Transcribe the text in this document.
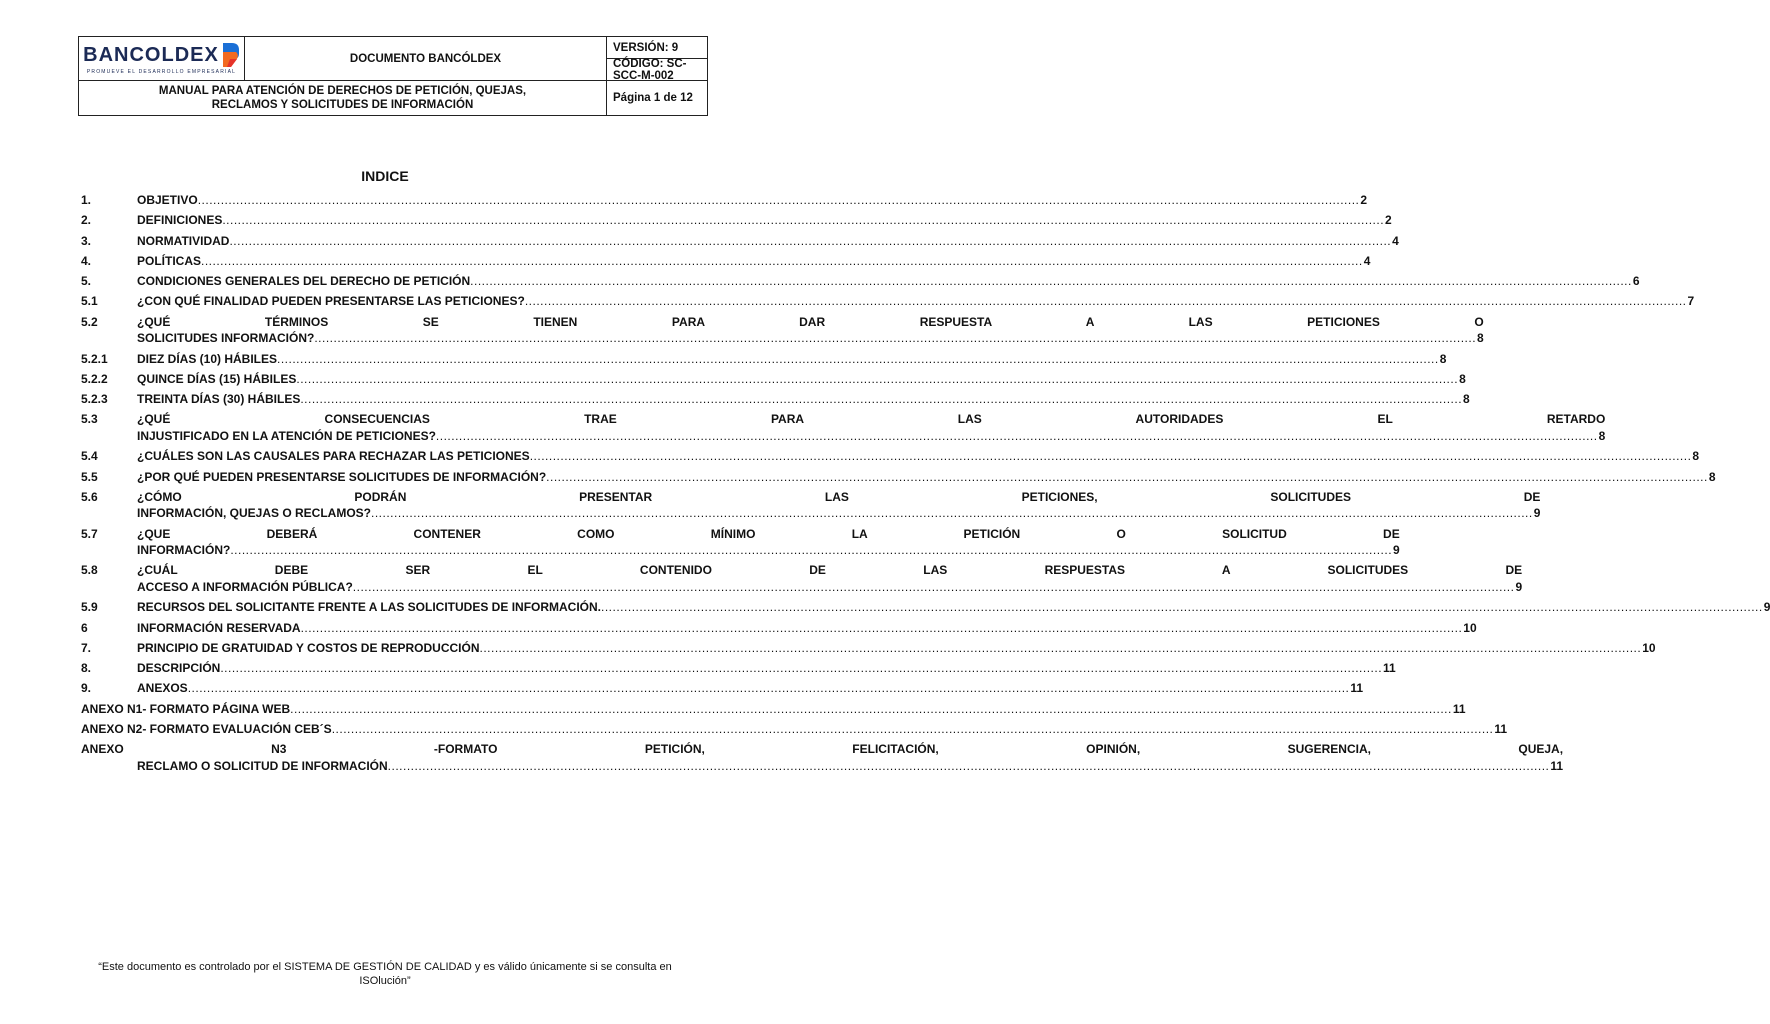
BANCOLDEX
PROMUEVE EL DESARROLLO EMPRESARIAL
DOCUMENTO BANCÓLDEX
VERSIÓN: 9
CÓDIGO: SC-SCC-M-002
MANUAL PARA ATENCIÓN DE DERECHOS DE PETICIÓN, QUEJAS,
RECLAMOS Y SOLICITUDES DE INFORMACIÓN
Página 1 de 12
INDICE
1.	OBJETIVO .....	2
2.	DEFINICIONES .....	2
3.	NORMATIVIDAD .....	4
4.	POLÍTICAS .....	4
5.	CONDICIONES GENERALES DEL DERECHO DE PETICIÓN .....	6
5.1	¿CON QUÉ FINALIDAD PUEDEN PRESENTARSE LAS PETICIONES? .....	7
5.2	¿QUÉ TÉRMINOS SE TIENEN PARA DAR RESPUESTA A LAS PETICIONES O
SOLICITUDES INFORMACIÓN? .....	8
5.2.1	DIEZ DÍAS (10) HÁBILES .....	8
5.2.2	QUINCE DÍAS (15) HÁBILES .....	8
5.2.3	TREINTA DÍAS (30) HÁBILES .....	8
5.3	¿QUÉ CONSECUENCIAS TRAE PARA LAS AUTORIDADES EL RETARDO
INJUSTIFICADO EN LA ATENCIÓN DE PETICIONES? .....	8
5.4	¿CUÁLES SON LAS CAUSALES PARA RECHAZAR LAS PETICIONES .....	8
5.5	¿POR QUÉ PUEDEN PRESENTARSE SOLICITUDES DE INFORMACIÓN? .....	8
5.6	¿CÓMO PODRÁN PRESENTAR LAS PETICIONES, SOLICITUDES DE
INFORMACIÓN, QUEJAS O RECLAMOS? .....	9
5.7	¿QUE DEBERÁ CONTENER COMO MÍNIMO LA PETICIÓN O SOLICITUD DE
INFORMACIÓN? .....	9
5.8	¿CUÁL DEBE SER EL CONTENIDO DE LAS RESPUESTAS A SOLICITUDES DE
ACCESO A INFORMACIÓN PÚBLICA? .....	9
5.9	RECURSOS DEL SOLICITANTE FRENTE A LAS SOLICITUDES DE INFORMACIÓN. .....	9
6	INFORMACIÓN RESERVADA .....	10
7.	PRINCIPIO DE GRATUIDAD Y COSTOS DE REPRODUCCIÓN .....	10
8.	DESCRIPCIÓN .....	11
9.	ANEXOS .....	11
ANEXO N1- FORMATO PÁGINA WEB .....	11
ANEXO N2- FORMATO EVALUACIÓN CEB´S .....	11
ANEXO N3 -FORMATO PETICIÓN, FELICITACIÓN, OPINIÓN, SUGERENCIA, QUEJA,
RECLAMO O SOLICITUD DE INFORMACIÓN .....	11
“Este documento es controlado por el SISTEMA DE GESTIÓN DE CALIDAD y es válido únicamente si se consulta en
ISOlución”
